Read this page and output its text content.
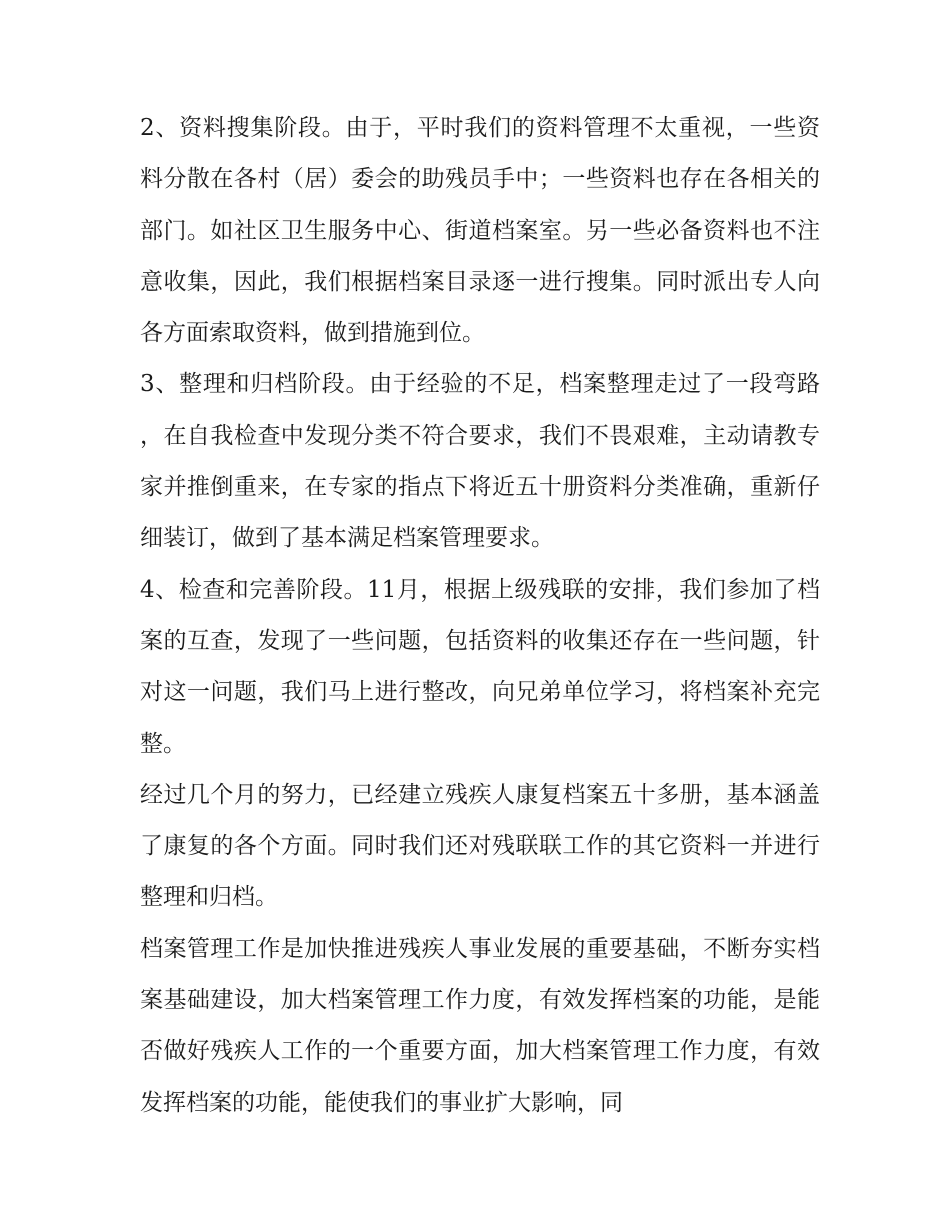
2、资料搜集阶段。由于，平时我们的资料管理不太重视，一些资料分散在各村（居）委会的助残员手中；一些资料也存在各相关的部门。如社区卫生服务中心、街道档案室。另一些必备资料也不注意收集，因此，我们根据档案目录逐一进行搜集。同时派出专人向各方面索取资料，做到措施到位。

3、整理和归档阶段。由于经验的不足，档案整理走过了一段弯路，在自我检查中发现分类不符合要求，我们不畏艰难，主动请教专家并推倒重来，在专家的指点下将近五十册资料分类准确，重新仔细装订，做到了基本满足档案管理要求。

4、检查和完善阶段。11月，根据上级残联的安排，我们参加了档案的互查，发现了一些问题，包括资料的收集还存在一些问题，针对这一问题，我们马上进行整改，向兄弟单位学习，将档案补充完整。

经过几个月的努力，已经建立残疾人康复档案五十多册，基本涵盖了康复的各个方面。同时我们还对残联联工作的其它资料一并进行整理和归档。

档案管理工作是加快推进残疾人事业发展的重要基础，不断夯实档案基础建设，加大档案管理工作力度，有效发挥档案的功能，是能否做好残疾人工作的一个重要方面，加大档案管理工作力度，有效发挥档案的功能，能使我们的事业扩大影响，同
